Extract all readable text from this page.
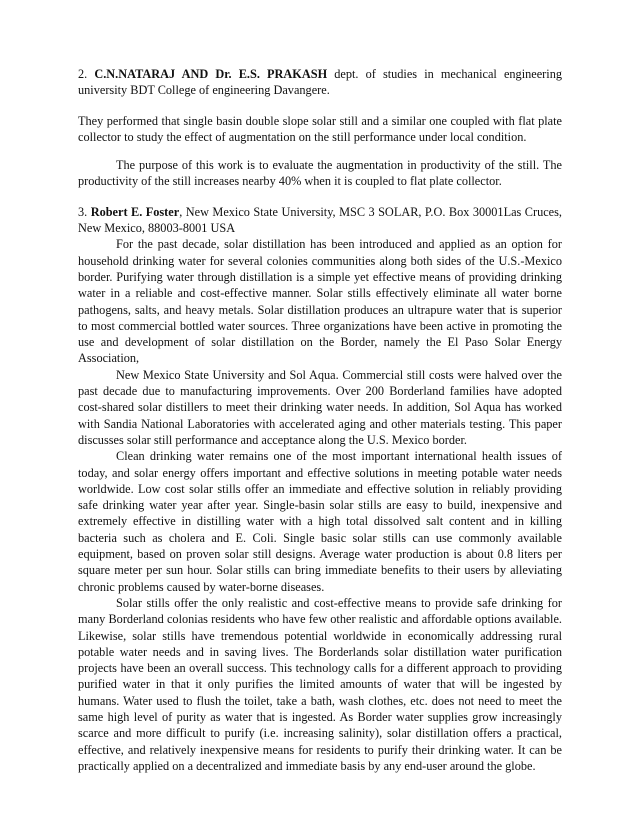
2. C.N.NATARAJ AND Dr. E.S. PRAKASH dept. of studies in mechanical engineering university BDT College of engineering Davangere.

They performed that single basin double slope solar still and a similar one coupled with flat plate collector to study the effect of augmentation on the still performance under local condition.

The purpose of this work is to evaluate the augmentation in productivity of the still. The productivity of the still increases nearby 40% when it is coupled to flat plate collector.

3. Robert E. Foster, New Mexico State University, MSC 3 SOLAR, P.O. Box 30001Las Cruces, New Mexico, 88003-8001 USA

For the past decade, solar distillation has been introduced and applied as an option for household drinking water for several colonies communities along both sides of the U.S.-Mexico border. Purifying water through distillation is a simple yet effective means of providing drinking water in a reliable and cost-effective manner. Solar stills effectively eliminate all water borne pathogens, salts, and heavy metals. Solar distillation produces an ultrapure water that is superior to most commercial bottled water sources. Three organizations have been active in promoting the use and development of solar distillation on the Border, namely the El Paso Solar Energy Association,

New Mexico State University and Sol Aqua. Commercial still costs were halved over the past decade due to manufacturing improvements. Over 200 Borderland families have adopted cost-shared solar distillers to meet their drinking water needs. In addition, Sol Aqua has worked with Sandia National Laboratories with accelerated aging and other materials testing. This paper discusses solar still performance and acceptance along the U.S. Mexico border.

Clean drinking water remains one of the most important international health issues of today, and solar energy offers important and effective solutions in meeting potable water needs worldwide. Low cost solar stills offer an immediate and effective solution in reliably providing safe drinking water year after year. Single-basin solar stills are easy to build, inexpensive and extremely effective in distilling water with a high total dissolved salt content and in killing bacteria such as cholera and E. Coli. Single basic solar stills can use commonly available equipment, based on proven solar still designs. Average water production is about 0.8 liters per square meter per sun hour. Solar stills can bring immediate benefits to their users by alleviating chronic problems caused by water-borne diseases.

Solar stills offer the only realistic and cost-effective means to provide safe drinking for many Borderland colonias residents who have few other realistic and affordable options available. Likewise, solar stills have tremendous potential worldwide in economically addressing rural potable water needs and in saving lives. The Borderlands solar distillation water purification projects have been an overall success. This technology calls for a different approach to providing purified water in that it only purifies the limited amounts of water that will be ingested by humans. Water used to flush the toilet, take a bath, wash clothes, etc. does not need to meet the same high level of purity as water that is ingested. As Border water supplies grow increasingly scarce and more difficult to purify (i.e. increasing salinity), solar distillation offers a practical, effective, and relatively inexpensive means for residents to purify their drinking water. It can be practically applied on a decentralized and immediate basis by any end-user around the globe.
